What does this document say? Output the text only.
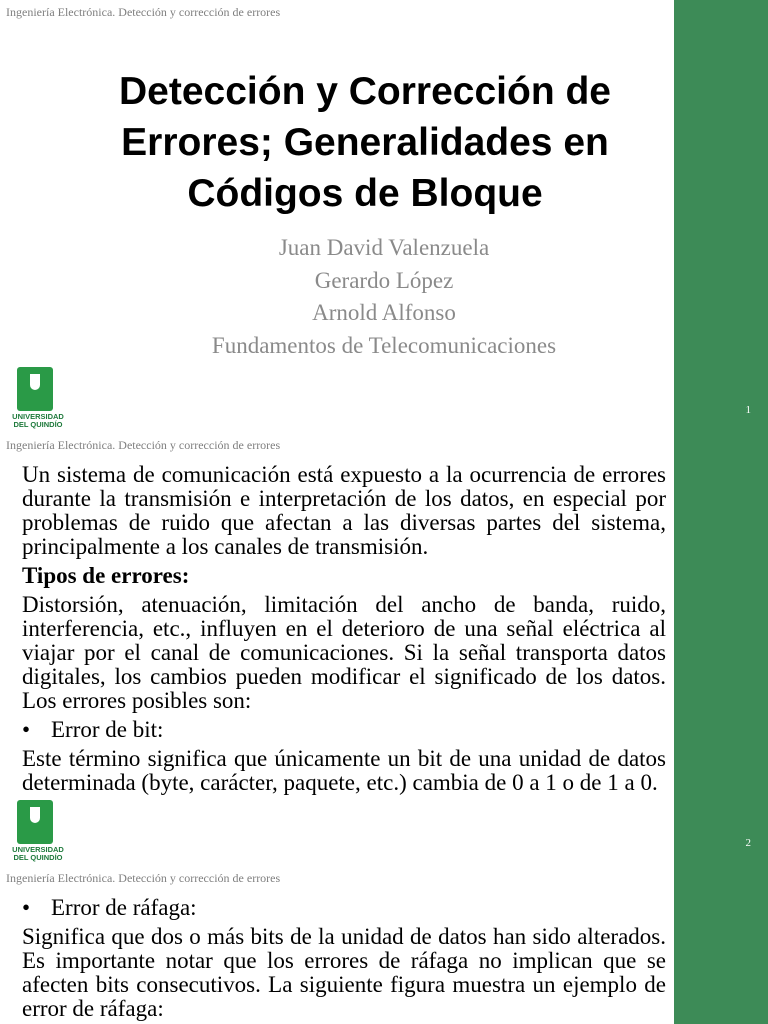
Ingeniería Electrónica. Detección y corrección de errores
Detección y Corrección de
Errores; Generalidades en
Códigos de Bloque
Juan David Valenzuela
Gerardo López
Arnold Alfonso
Fundamentos de Telecomunicaciones
UNIVERSIDAD
DEL QUINDÍO
1
Ingeniería Electrónica. Detección y corrección de errores

Un sistema de comunicación está expuesto a la ocurrencia de errores durante la transmisión e interpretación de los datos, en especial por problemas de ruido que afectan a las diversas partes del sistema, principalmente a los canales de transmisión.

Tipos de errores:

Distorsión, atenuación, limitación del ancho de banda, ruido, interferencia, etc., influyen en el deterioro de una señal eléctrica al viajar por el canal de comunicaciones. Si la señal transporta datos digitales, los cambios pueden modificar el significado de los datos. Los errores posibles son:

• Error de bit:

Este término significa que únicamente un bit de una unidad de datos determinada (byte, carácter, paquete, etc.) cambia de 0 a 1 o de 1 a 0.

UNIVERSIDAD
DEL QUINDÍO
2
Ingeniería Electrónica. Detección y corrección de errores
• Error de ráfaga:

Significa que dos o más bits de la unidad de datos han sido alterados. Es importante notar que los errores de ráfaga no implican que se afecten bits consecutivos. La siguiente figura muestra un ejemplo de error de ráfaga:
